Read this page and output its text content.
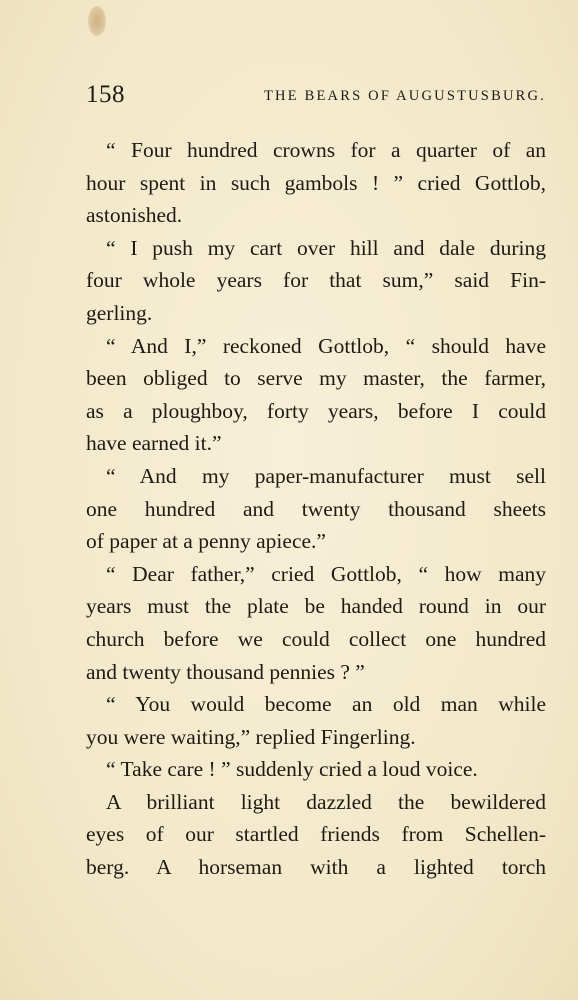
158	THE BEARS OF AUGUSTUSBURG.
“ Four hundred crowns for a quarter of an
hour spent in such gambols ! ” cried Gottlob,
astonished.
“ I push my cart over hill and dale during
four whole years for that sum,” said Fin-
gerling.
“ And I,” reckoned Gottlob, “ should have
been obliged to serve my master, the farmer,
as a ploughboy, forty years, before I could
have earned it.”
“ And my paper-manufacturer must sell
one hundred and twenty thousand sheets
of paper at a penny apiece.”
“ Dear father,” cried Gottlob, “ how many
years must the plate be handed round in our
church before we could collect one hundred
and twenty thousand pennies ? ”
“ You would become an old man while
you were waiting,” replied Fingerling.
“ Take care ! ” suddenly cried a loud voice.
A brilliant light dazzled the bewildered
eyes of our startled friends from Schellen-
berg. A horseman with a lighted torch
